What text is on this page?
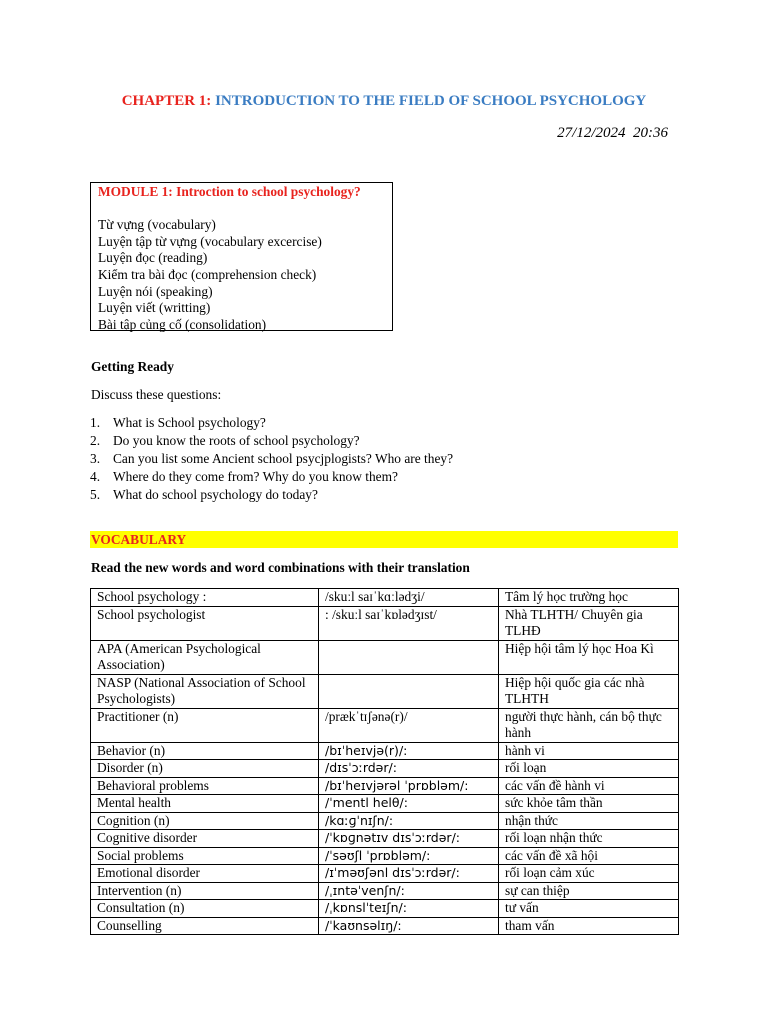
CHAPTER 1: INTRODUCTION TO THE FIELD OF SCHOOL PSYCHOLOGY
27/12/2024  20:36
MODULE 1: Introction to school psychology?
Từ vựng (vocabulary)
Luyện tập từ vựng (vocabulary excercise)
Luyện đọc (reading)
Kiểm tra bài đọc (comprehension check)
Luyện nói (speaking)
Luyện viết (writting)
Bài tập củng cố (consolidation)
Getting Ready
Discuss these questions:
1. What is School psychology?
2. Do you know the roots of school psychology?
3. Can you list some Ancient school psycjplogists? Who are they?
4. Where do they come from? Why do you know them?
5. What do school psychology do today?
VOCABULARY
Read the new words and word combinations with their translation
School psychology :	/skuːl saɪˈkɑːlədʒi/	Tâm lý học trường học
School psychologist	: /skuːl saɪˈkɒlədʒɪst/	Nhà TLHTH/ Chuyên gia TLHĐ
APA (American Psychological Association)		Hiệp hội tâm lý học Hoa Kì
NASP (National Association of School Psychologists)		Hiệp hội quốc gia các nhà TLHTH
Practitioner (n)	/prækˈtɪʃənə(r)/	người thực hành, cán bộ thực hành
Behavior (n)	/bɪˈheɪvjə(r)/:	hành vi
Disorder (n)	/dɪsˈɔːrdər/:	rối loạn
Behavioral problems	/bɪˈheɪvjərəl ˈprɒbləm/:	các vấn đề hành vi
Mental health	/ˈmentl helθ/:	sức khỏe tâm thần
Cognition (n)	/kɑːɡˈnɪʃn/:	nhận thức
Cognitive disorder	/ˈkɒɡnətɪv dɪsˈɔːrdər/:	rối loạn nhận thức
Social problems	/ˈsəʊʃl ˈprɒbləm/:	các vấn đề xã hội
Emotional disorder	/ɪˈməʊʃənl dɪsˈɔːrdər/:	rối loạn cảm xúc
Intervention (n)	/ˌɪntəˈvenʃn/:	sự can thiệp
Consultation (n)	/ˌkɒnslˈteɪʃn/:	tư vấn
Counselling	/ˈkaʊnsəlɪŋ/:	tham vấn
